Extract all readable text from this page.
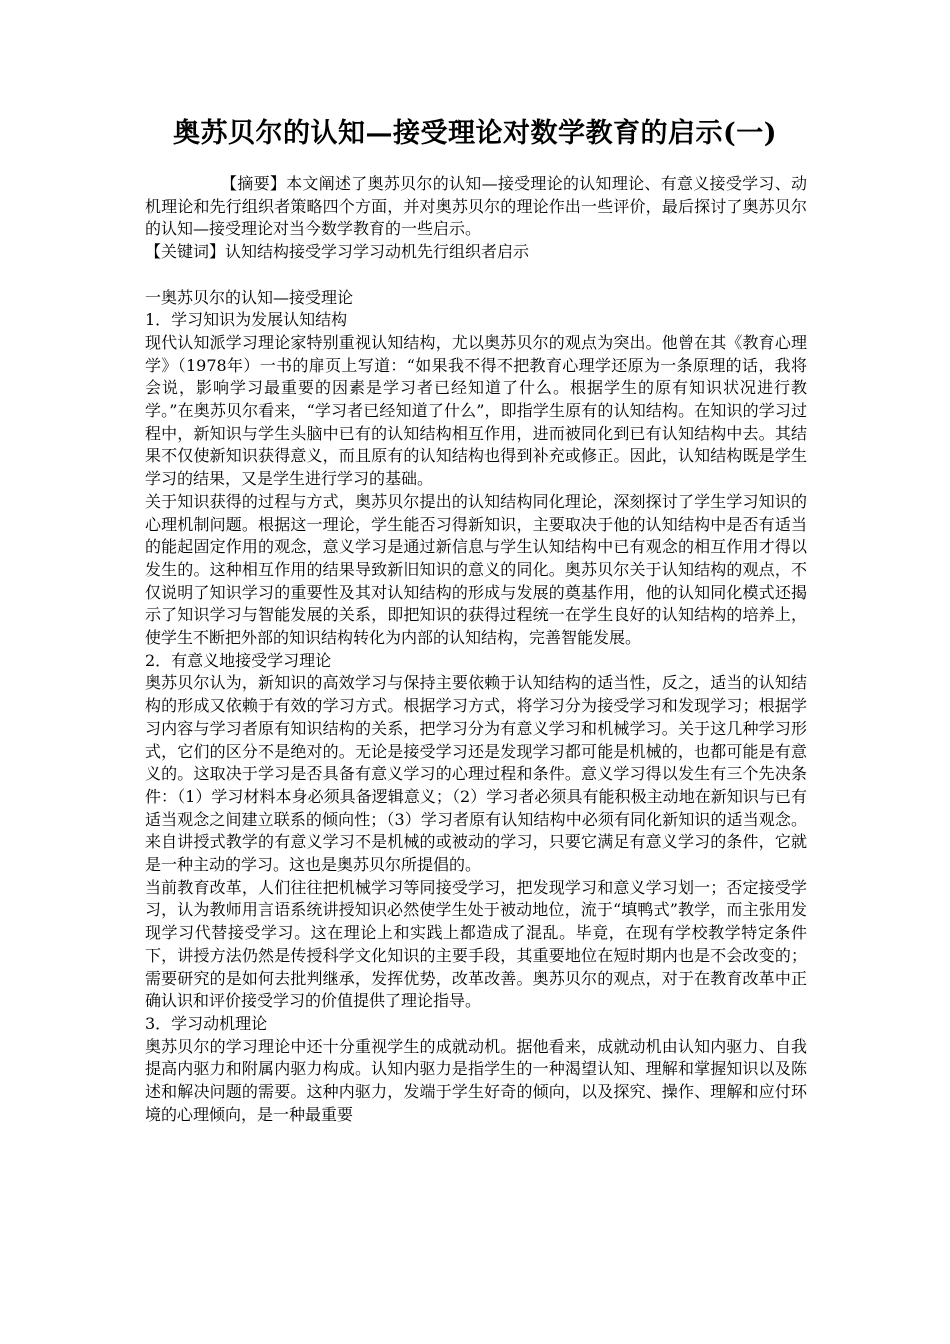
奥苏贝尔的认知—接受理论对数学教育的启示(一)

【摘要】本文阐述了奥苏贝尔的认知—接受理论的认知理论、有意义接受学习、动机理论和先行组织者策略四个方面，并对奥苏贝尔的理论作出一些评价，最后探讨了奥苏贝尔的认知—接受理论对当今数学教育的一些启示。

【关键词】认知结构接受学习学习动机先行组织者启示

一奥苏贝尔的认知—接受理论

1．学习知识为发展认知结构

现代认知派学习理论家特别重视认知结构，尤以奥苏贝尔的观点为突出。他曾在其《教育心理学》（1978年）一书的扉页上写道：“如果我不得不把教育心理学还原为一条原理的话，我将会说，影响学习最重要的因素是学习者已经知道了什么。根据学生的原有知识状况进行教学。”在奥苏贝尔看来，“学习者已经知道了什么”，即指学生原有的认知结构。在知识的学习过程中，新知识与学生头脑中已有的认知结构相互作用，进而被同化到已有认知结构中去。其结果不仅使新知识获得意义，而且原有的认知结构也得到补充或修正。因此，认知结构既是学生学习的结果，又是学生进行学习的基础。

关于知识获得的过程与方式，奥苏贝尔提出的认知结构同化理论，深刻探讨了学生学习知识的心理机制问题。根据这一理论，学生能否习得新知识，主要取决于他的认知结构中是否有适当的能起固定作用的观念，意义学习是通过新信息与学生认知结构中已有观念的相互作用才得以发生的。这种相互作用的结果导致新旧知识的意义的同化。奥苏贝尔关于认知结构的观点，不仅说明了知识学习的重要性及其对认知结构的形成与发展的奠基作用，他的认知同化模式还揭示了知识学习与智能发展的关系，即把知识的获得过程统一在学生良好的认知结构的培养上，使学生不断把外部的知识结构转化为内部的认知结构，完善智能发展。

2．有意义地接受学习理论

奥苏贝尔认为，新知识的高效学习与保持主要依赖于认知结构的适当性，反之，适当的认知结构的形成又依赖于有效的学习方式。根据学习方式，将学习分为接受学习和发现学习；根据学习内容与学习者原有知识结构的关系，把学习分为有意义学习和机械学习。关于这几种学习形式，它们的区分不是绝对的。无论是接受学习还是发现学习都可能是机械的，也都可能是有意义的。这取决于学习是否具备有意义学习的心理过程和条件。意义学习得以发生有三个先决条件：（1）学习材料本身必须具备逻辑意义；（2）学习者必须具有能积极主动地在新知识与已有适当观念之间建立联系的倾向性；（3）学习者原有认知结构中必须有同化新知识的适当观念。来自讲授式教学的有意义学习不是机械的或被动的学习，只要它满足有意义学习的条件，它就是一种主动的学习。这也是奥苏贝尔所提倡的。

当前教育改革，人们往往把机械学习等同接受学习，把发现学习和意义学习划一；否定接受学习，认为教师用言语系统讲授知识必然使学生处于被动地位，流于“填鸭式”教学，而主张用发现学习代替接受学习。这在理论上和实践上都造成了混乱。毕竟，在现有学校教学特定条件下，讲授方法仍然是传授科学文化知识的主要手段，其重要地位在短时期内也是不会改变的；需要研究的是如何去批判继承，发挥优势，改革改善。奥苏贝尔的观点，对于在教育改革中正确认识和评价接受学习的价值提供了理论指导。

3．学习动机理论

奥苏贝尔的学习理论中还十分重视学生的成就动机。据他看来，成就动机由认知内驱力、自我提高内驱力和附属内驱力构成。认知内驱力是指学生的一种渴望认知、理解和掌握知识以及陈述和解决问题的需要。这种内驱力，发端于学生好奇的倾向，以及探究、操作、理解和应付环境的心理倾向，是一种最重要
